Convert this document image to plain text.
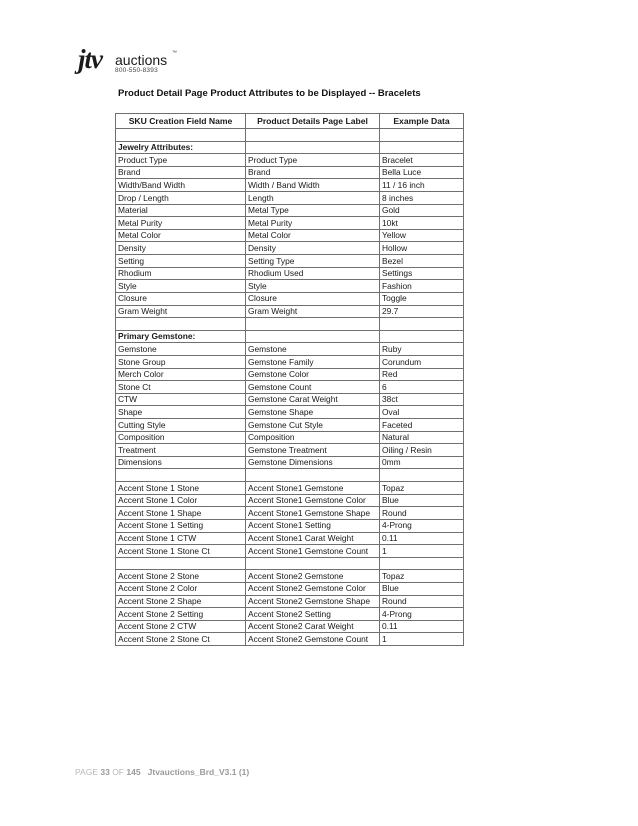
jtv auctions ™
800-550-8393
Product Detail Page Product Attributes to be Displayed -- Bracelets
SKU Creation Field Name	Product Details Page Label	Example Data

Jewelry Attributes:		
Product Type	Product Type	Bracelet
Brand	Brand	Bella Luce
Width/Band Width	Width / Band Width	11 / 16 inch
Drop / Length	Length	8 inches
Material	Metal Type	Gold
Metal Purity	Metal Purity	10kt
Metal Color	Metal Color	Yellow
Density	Density	Hollow
Setting	Setting Type	Bezel
Rhodium	Rhodium Used	Settings
Style	Style	Fashion
Closure	Closure	Toggle
Gram Weight	Gram Weight	29.7

Primary Gemstone:		
Gemstone	Gemstone	Ruby
Stone Group	Gemstone Family	Corundum
Merch Color	Gemstone Color	Red
Stone Ct	Gemstone Count	6
CTW	Gemstone Carat Weight	38ct
Shape	Gemstone Shape	Oval
Cutting Style	Gemstone Cut Style	Faceted
Composition	Composition	Natural
Treatment	Gemstone Treatment	Oiling / Resin
Dimensions	Gemstone Dimensions	0mm

Accent Stone 1 Stone	Accent Stone1 Gemstone	Topaz
Accent Stone 1 Color	Accent Stone1 Gemstone Color	Blue
Accent Stone 1 Shape	Accent Stone1 Gemstone Shape	Round
Accent Stone 1 Setting	Accent Stone1 Setting	4-Prong
Accent Stone 1 CTW	Accent Stone1 Carat Weight	0.11
Accent Stone 1 Stone Ct	Accent Stone1 Gemstone Count	1

Accent Stone 2 Stone	Accent Stone2 Gemstone	Topaz
Accent Stone 2 Color	Accent Stone2 Gemstone Color	Blue
Accent Stone 2 Shape	Accent Stone2 Gemstone Shape	Round
Accent Stone 2 Setting	Accent Stone2 Setting	4-Prong
Accent Stone 2 CTW	Accent Stone2 Carat Weight	0.11
Accent Stone 2 Stone Ct	Accent Stone2 Gemstone Count	1
PAGE 33 OF 145 Jtvauctions_Brd_V3.1 (1)
